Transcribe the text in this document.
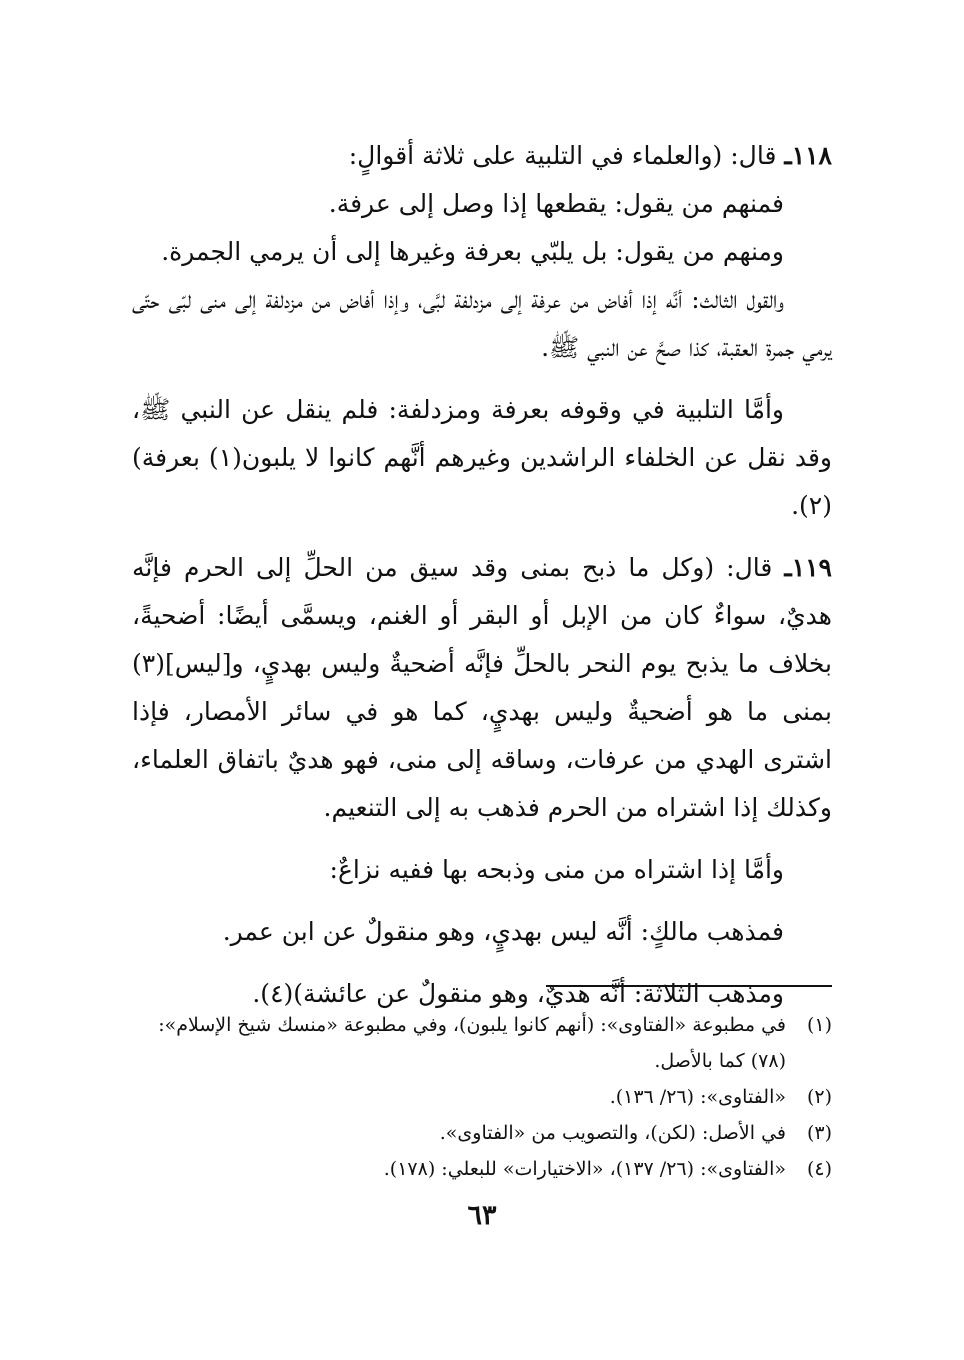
١١٨ـ قال: (والعلماء في التلبية على ثلاثة أقوالٍ:

فمنهم من يقول: يقطعها إذا وصل إلى عرفة.

ومنهم من يقول: بل يلبّي بعرفة وغيرها إلى أن يرمي الجمرة.

والقول الثالث: أنَّه إذا أفاض من عرفة إلى مزدلفة لبَّى، وإذا أفاض من مزدلفة إلى منى لبّى حتّى يرمي جمرة العقبة، كذا صحَّ عن النبي ﷺ.

وأمَّا التلبية في وقوفه بعرفة ومزدلفة: فلم ينقل عن النبي ﷺ، وقد نقل عن الخلفاء الراشدين وغيرهم أنَّهم كانوا لا يلبون(١) بعرفة)(٢).

١١٩ـ قال: (وكل ما ذبح بمنى وقد سيق من الحلِّ إلى الحرم فإنَّه هديٌ، سواءٌ كان من الإبل أو البقر أو الغنم، ويسمَّى أيضًا: أضحيةً، بخلاف ما يذبح يوم النحر بالحلِّ فإنَّه أضحيةٌ وليس بهديٍ، و[ليس](٣) بمنى ما هو أضحيةٌ وليس بهديٍ، كما هو في سائر الأمصار، فإذا اشترى الهدي من عرفات، وساقه إلى منى، فهو هديٌ باتفاق العلماء، وكذلك إذا اشتراه من الحرم فذهب به إلى التنعيم.

وأمَّا إذا اشتراه من منى وذبحه بها ففيه نزاعٌ:

فمذهب مالكٍ: أنَّه ليس بهديٍ، وهو منقولٌ عن ابن عمر.

ومذهب الثلاثة: أنَّه هديٌ، وهو منقولٌ عن عائشة)(٤).

(١)
في مطبوعة «الفتاوى»: (أنهم كانوا يلبون)، وفي مطبوعة «منسك شيخ الإسلام»:
(٧٨) كما بالأصل.
(٢)
«الفتاوى»: (٢٦/ ١٣٦).
(٣)
في الأصل: (لكن)، والتصويب من «الفتاوى».
(٤)
«الفتاوى»: (٢٦/ ١٣٧)، «الاختيارات» للبعلي: (١٧٨).
٦٣
